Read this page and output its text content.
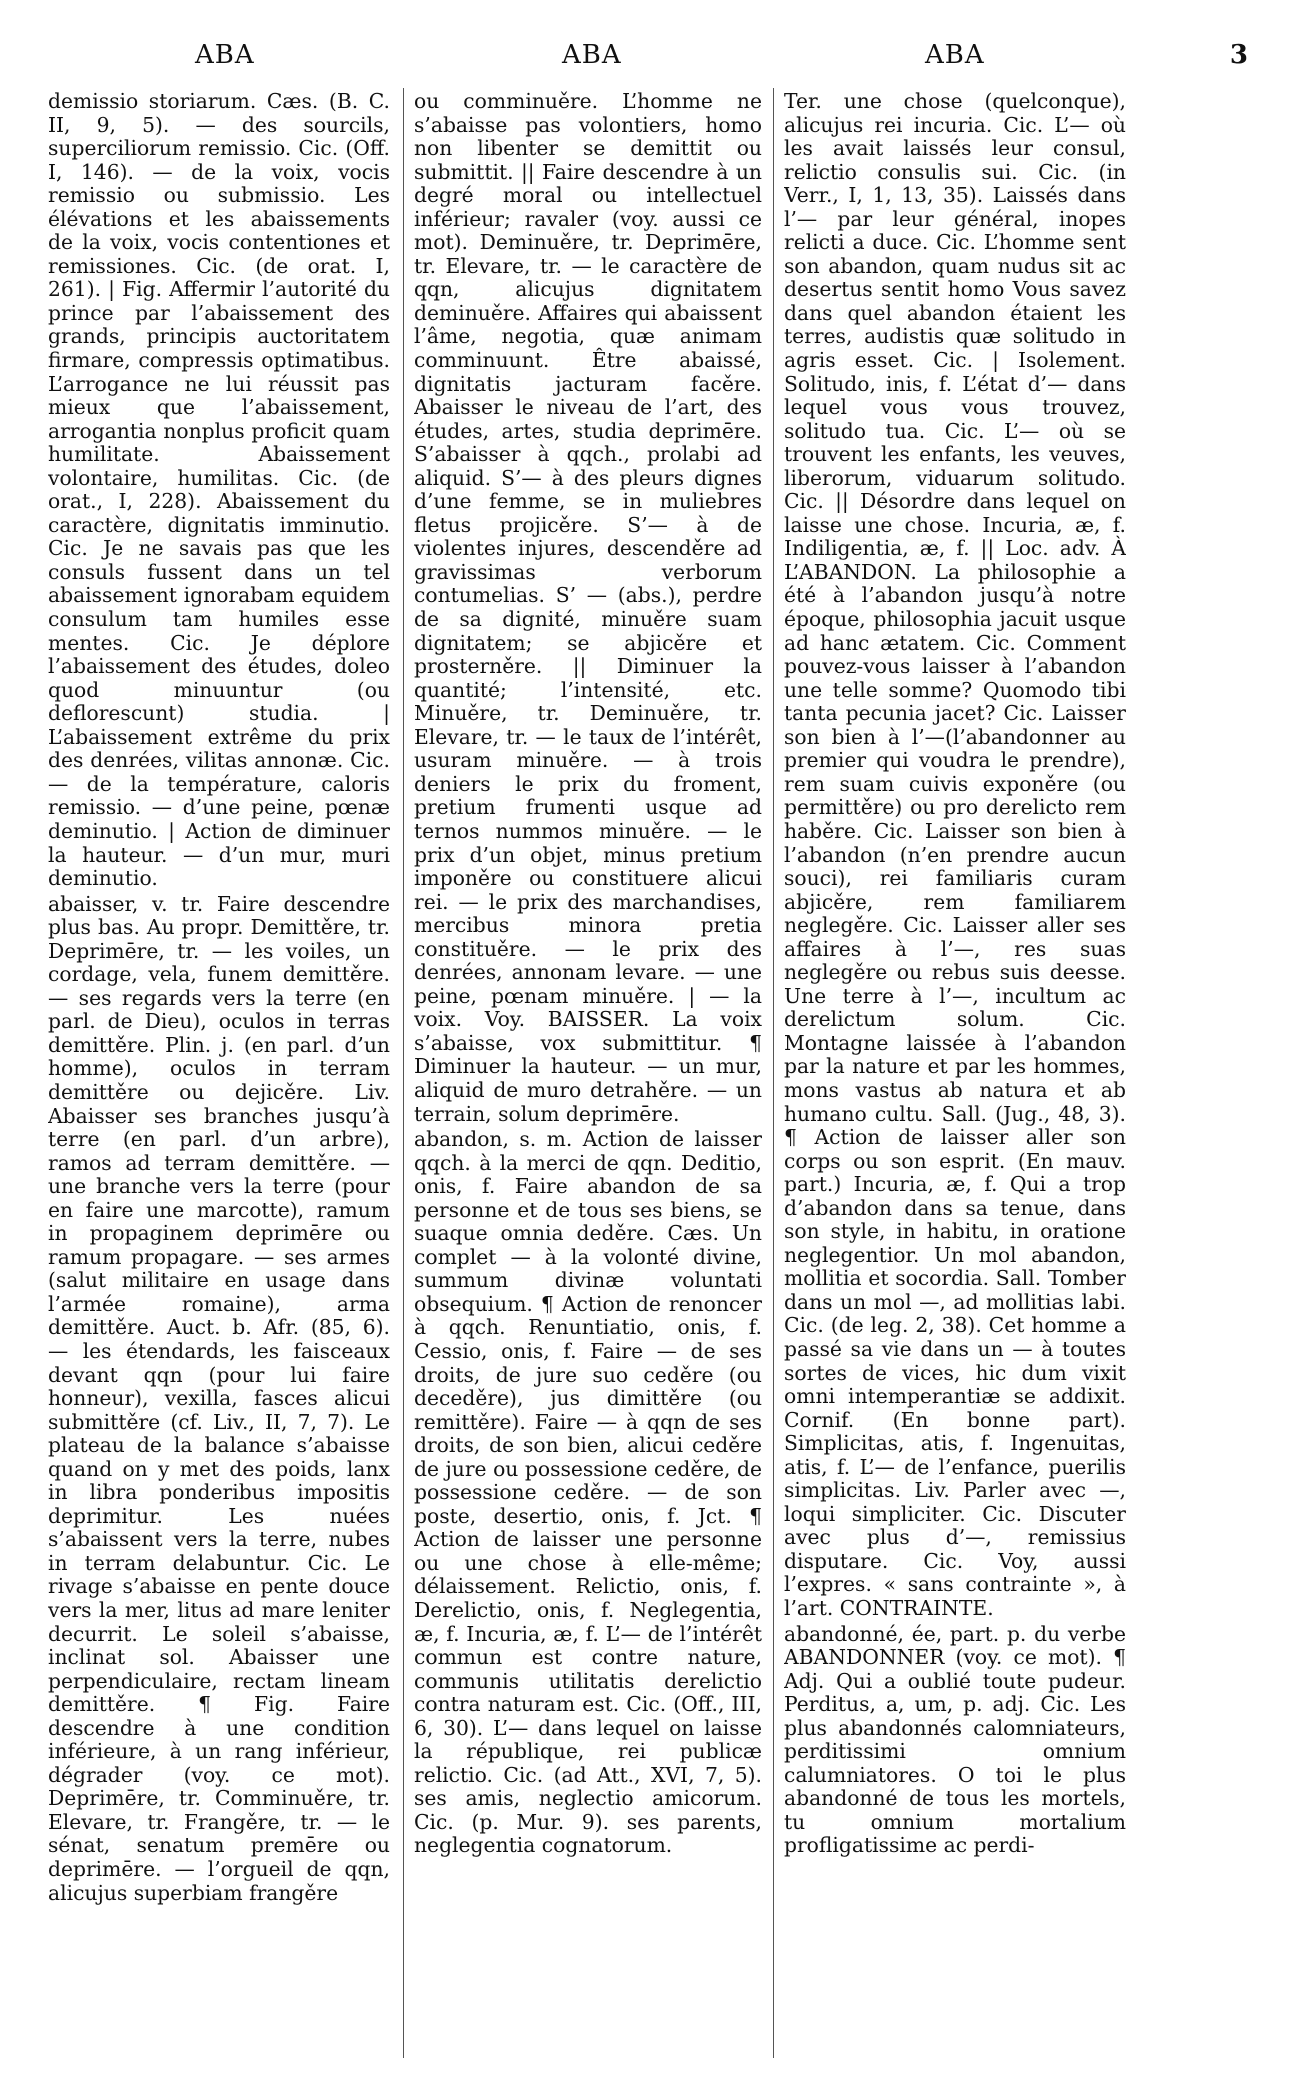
ABA	ABA	ABA	3

demissio storiarum. Cæs. (B. C. II, 9, 5). — des sourcils, superciliorum remissio. Cic. (Off. I, 146). — de la voix, vocis remissio ou submissio. Les élévations et les abaissements de la voix, vocis contentiones et remissiones. Cic. (de orat. I, 261). | Fig. Affermir l’autorité du prince par l’abaissement des grands, principis auctoritatem firmare, compressis optimatibus. L’arrogance ne lui réussit pas mieux que l’abaissement, arrogantia nonplus proficit quam humilitate. Abaissement volontaire, humilitas. Cic. (de orat., I, 228). Abaissement du caractère, dignitatis imminutio. Cic. Je ne savais pas que les consuls fussent dans un tel abaissement ignorabam equidem consulum tam humiles esse mentes. Cic. Je déplore l’abaissement des études, doleo quod minuuntur (ou deflorescunt) studia. | L’abaissement extrême du prix des denrées, vilitas annonæ. Cic. — de la température, caloris remissio. — d’une peine, pœnæ deminutio. | Action de diminuer la hauteur. — d’un mur, muri deminutio.

abaisser, v. tr. Faire descendre plus bas. Au propr. Demittěre, tr. Deprimēre, tr. — les voiles, un cordage, vela, funem demittěre. — ses regards vers la terre (en parl. de Dieu), oculos in terras demittěre. Plin. j. (en parl. d’un homme), oculos in terram demittěre ou dejicěre. Liv. Abaisser ses branches jusqu’à terre (en parl. d’un arbre), ramos ad terram demittěre. — une branche vers la terre (pour en faire une marcotte), ramum in propaginem deprimēre ou ramum propagare. — ses armes (salut militaire en usage dans l’armée romaine), arma demittěre. Auct. b. Afr. (85, 6). — les étendards, les faisceaux devant qqn (pour lui faire honneur), vexilla, fasces alicui submittěre (cf. Liv., II, 7, 7). Le plateau de la balance s’abaisse quand on y met des poids, lanx in libra ponderibus impositis deprimitur. Les nuées s’abaissent vers la terre, nubes in terram delabuntur. Cic. Le rivage s’abaisse en pente douce vers la mer, litus ad mare leniter decurrit. Le soleil s’abaisse, inclinat sol. Abaisser une perpendiculaire, rectam lineam demittěre. ¶ Fig. Faire descendre à une condition inférieure, à un rang inférieur, dégrader (voy. ce mot). Deprimēre, tr. Comminuěre, tr. Elevare, tr. Frangěre, tr. — le sénat, senatum premēre ou deprimēre. — l’orgueil de qqn, alicujus superbiam frangěre

ou comminuěre. L’homme ne s’abaisse pas volontiers, homo non libenter se demittit ou submittit. || Faire descendre à un degré moral ou intellectuel inférieur; ravaler (voy. aussi ce mot). Deminuěre, tr. Deprimēre, tr. Elevare, tr. — le caractère de qqn, alicujus dignitatem deminuěre. Affaires qui abaissent l’âme, negotia, quæ animam comminuunt. Être abaissé, dignitatis jacturam facěre. Abaisser le niveau de l’art, des études, artes, studia deprimēre. S’abaisser à qqch., prolabi ad aliquid. S’— à des pleurs dignes d’une femme, se in muliebres fletus projicěre. S’— à de violentes injures, descenděre ad gravissimas verborum contumelias. S’ — (abs.), perdre de sa dignité, minuěre suam dignitatem; se abjicěre et prosterněre. || Diminuer la quantité; l’intensité, etc. Minuěre, tr. Deminuěre, tr. Elevare, tr. — le taux de l’intérêt, usuram minuěre. — à trois deniers le prix du froment, pretium frumenti usque ad ternos nummos minuěre. — le prix d’un objet, minus pretium imponěre ou constituere alicui rei. — le prix des marchandises, mercibus minora pretia constituěre. — le prix des denrées, annonam levare. — une peine, pœnam minuěre. | — la voix. Voy. BAISSER. La voix s’abaisse, vox submittitur. ¶ Diminuer la hauteur. — un mur, aliquid de muro detrahěre. — un terrain, solum deprimēre.

abandon, s. m. Action de laisser qqch. à la merci de qqn. Deditio, onis, f. Faire abandon de sa personne et de tous ses biens, se suaque omnia deděre. Cæs. Un complet — à la volonté divine, summum divinæ voluntati obsequium. ¶ Action de renoncer à qqch. Renuntiatio, onis, f. Cessio, onis, f. Faire — de ses droits, de jure suo ceděre (ou deceděre), jus dimittěre (ou remittěre). Faire — à qqn de ses droits, de son bien, alicui ceděre de jure ou possessione ceděre, de possessione ceděre. — de son poste, desertio, onis, f. Jct. ¶ Action de laisser une personne ou une chose à elle-même; délaissement. Relictio, onis, f. Derelictio, onis, f. Neglegentia, æ, f. Incuria, æ, f. L’— de l’intérêt commun est contre nature, communis utilitatis derelictio contra naturam est. Cic. (Off., III, 6, 30). L’— dans lequel on laisse la république, rei publicæ relictio. Cic. (ad Att., XVI, 7, 5). ses amis, neglectio amicorum. Cic. (p. Mur. 9). ses parents, neglegentia cognatorum.

Ter. une chose (quelconque), alicujus rei incuria. Cic. L’— où les avait laissés leur consul, relictio consulis sui. Cic. (in Verr., I, 1, 13, 35). Laissés dans l’— par leur général, inopes relicti a duce. Cic. L’homme sent son abandon, quam nudus sit ac desertus sentit homo Vous savez dans quel abandon étaient les terres, audistis quæ solitudo in agris esset. Cic. | Isolement. Solitudo, inis, f. L’état d’— dans lequel vous vous trouvez, solitudo tua. Cic. L’— où se trouvent les enfants, les veuves, liberorum, viduarum solitudo. Cic. || Désordre dans lequel on laisse une chose. Incuria, æ, f. Indiligentia, æ, f. || Loc. adv. À L’ABANDON. La philosophie a été à l’abandon jusqu’à notre époque, philosophia jacuit usque ad hanc ætatem. Cic. Comment pouvez-vous laisser à l’abandon une telle somme? Quomodo tibi tanta pecunia jacet? Cic. Laisser son bien à l’—(l’abandonner au premier qui voudra le prendre), rem suam cuivis exponěre (ou permittěre) ou pro derelicto rem haběre. Cic. Laisser son bien à l’abandon (n’en prendre aucun souci), rei familiaris curam abjicěre, rem familiarem neglegěre. Cic. Laisser aller ses affaires à l’—, res suas neglegěre ou rebus suis deesse. Une terre à l’—, incultum ac derelictum solum. Cic. Montagne laissée à l’abandon par la nature et par les hommes, mons vastus ab natura et ab humano cultu. Sall. (Jug., 48, 3). ¶ Action de laisser aller son corps ou son esprit. (En mauv. part.) Incuria, æ, f. Qui a trop d’abandon dans sa tenue, dans son style, in habitu, in oratione neglegentior. Un mol abandon, mollitia et socordia. Sall. Tomber dans un mol —, ad mollitias labi. Cic. (de leg. 2, 38). Cet homme a passé sa vie dans un — à toutes sortes de vices, hic dum vixit omni intemperantiæ se addixit. Cornif. (En bonne part). Simplicitas, atis, f. Ingenuitas, atis, f. L’— de l’enfance, puerilis simplicitas. Liv. Parler avec —, loqui simpliciter. Cic. Discuter avec plus d’—, remissius disputare. Cic. Voy, aussi l’expres. « sans contrainte », à l’art. CONTRAINTE.

abandonné, ée, part. p. du verbe ABANDONNER (voy. ce mot). ¶ Adj. Qui a oublié toute pudeur. Perditus, a, um, p. adj. Cic. Les plus abandonnés calomniateurs, perditissimi omnium calumniatores. O toi le plus abandonné de tous les mortels, tu omnium mortalium profligatissime ac perdi-
